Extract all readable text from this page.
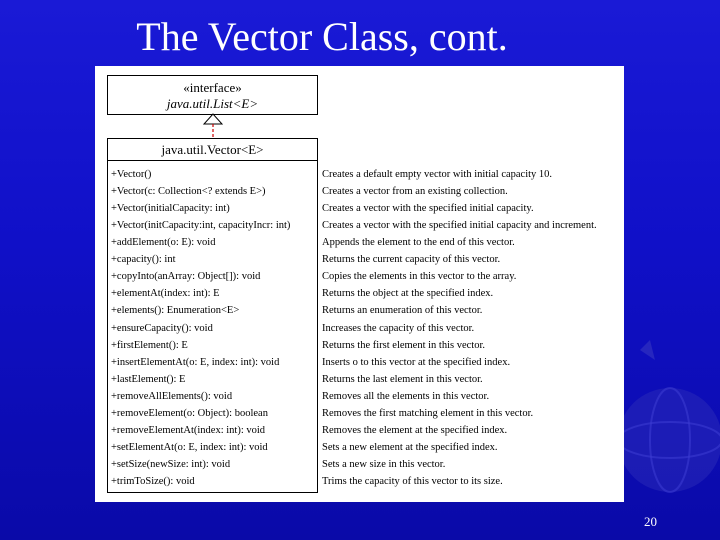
The Vector Class, cont.
«interface»
java.util.List<E>
java.util.Vector<E>
+Vector()	Creates a default empty vector with initial capacity 10.
+Vector(c: Collection<? extends E>)	Creates a vector from an existing collection.
+Vector(initialCapacity: int)	Creates a vector with the specified initial capacity.
+Vector(initCapacity:int, capacityIncr: int)	Creates a vector with the specified initial capacity and increment.
+addElement(o: E): void	Appends the element to the end of this vector.
+capacity(): int	Returns the current capacity of this vector.
+copyInto(anArray: Object[]): void	Copies the elements in this vector to the array.
+elementAt(index: int): E	Returns the object at the specified index.
+elements(): Enumeration<E>	Returns an enumeration of this vector.
+ensureCapacity(): void	Increases the capacity of this vector.
+firstElement(): E	Returns the first element in this vector.
+insertElementAt(o: E, index: int): void	Inserts o to this vector at the specified index.
+lastElement(): E	Returns the last element in this vector.
+removeAllElements(): void	Removes all the elements in this vector.
+removeElement(o: Object): boolean	Removes the first matching element in this vector.
+removeElementAt(index: int): void	Removes the element at the specified index.
+setElementAt(o: E, index: int): void	Sets a new element at the specified index.
+setSize(newSize: int): void	Sets a new size in this vector.
+trimToSize(): void	Trims the capacity of this vector to its size.
20
